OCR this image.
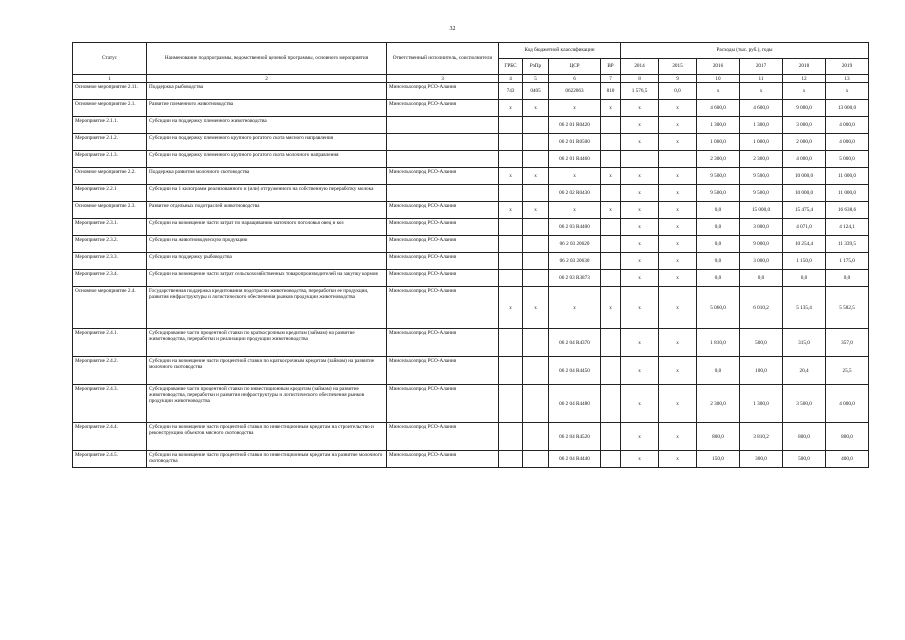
32
Статус	Наименование подпрограммы, ведомственной целевой программы, основного мероприятия	Ответственный исполнитель, соисполнители	Код бюджетной классификации				Расходы (тыс. руб.), годы					
			ГРБС	РзПр	ЦСР	ВР	2014	2015	2016	2017	2018	2019
1	2	3	4	5	6	7	8	9	10	11	12	13
Основное мероприятие 2.11.	Поддержка рыбоводства	Минсельхозпрод РСО-Алания	743	0405	0622063	810	1 576,5	0,0	х	х	х	х
Основное мероприятие 2.1.	Развитие племенного животноводства	Минсельхозпрод РСО-Алания	х	х	х	х	х	х	4 600,0	4 600,0	9 000,0	13 000,0
Мероприятие 2.1.1.	Субсидии на поддержку племенного животноводства				06 2 01 R0420		х	х	1 300,0	1 300,0	3 000,0	4 000,0
Мероприятие 2.1.2.	Субсидии на поддержку племенного крупного рогатого скота мясного направления				06 2 01 R0500		х	х	1 000,0	1 000,0	2 000,0	4 000,0
Мероприятие 2.1.3.	Субсидии на поддержку племенного крупного рогатого скота молочного направления				06 2 01 R4460				2 300,0	2 300,0	4 000,0	5 000,0
Основное мероприятие 2.2.	Поддержка развития молочного скотоводства	Минсельхозпрод РСО-Алания	х	х	х	х	х	х	9 500,0	9 500,0	10 000,0	11 000,0
Мероприятие 2.2.1	Субсидии на 1 килограмм реализованного и (или) отгруженного на собственную переработку молока				06 2 02 R0430		х	х	9 500,0	9 500,0	10 000,0	11 000,0
Основное мероприятие 2.3.	Развитие отдельных подотраслей животноводства	Минсельхозпрод РСО-Алания	х	х	х	х	х	х	0,0	15 000,0	15 475,4	16 638,6
Мероприятие 2.3.1.	Субсидии на возмещение части затрат по наращиванию маточного поголовья овец и коз	Минсельхозпрод РСО-Алания			06 2 03 R4400		х	х	0,0	3 000,0	4 071,0	4 124,1
Мероприятие 2.3.2.	Субсидии на животноводческую продукцию	Минсельхозпрод РСО-Алания			06 2 03 20620		х	х	0,0	9 000,0	10 254,4	11 339,5
Мероприятие 2.3.3.	Субсидии на поддержку рыбоводства	Минсельхозпрод РСО-Алания			06 2 03 20630		х	х	0,0	3 000,0	1 150,0	1 175,0
Мероприятие 2.3.4.	Субсидии на возмещение части затрат сельскохозяйственных товаропроизводителей на закупку кормов	Минсельхозпрод РСО-Алания			06 2 03 R3873		х	х	0,0	0,0	0,0	0,0
Основное мероприятие 2.4.	Государственная поддержка кредитования подотрасли животноводства, переработки ее продукции, развития инфраструктуры и логистического обеспечения рынков продукции животноводства	Минсельхозпрод РСО-Алания	х	х	х	х	х	х	5 060,0	6 010,2	5 135,4	5 582,5
Мероприятие 2.4.1.	Субсидирование части процентной ставки по краткосрочным кредитам (займам) на развитие животноводства, переработки и реализации продукции животноводства	Минсельхозпрод РСО-Алания			06 2 04 R4370		х	х	1 810,0	500,0	315,0	357,0
Мероприятие 2.4.2.	Субсидии на возмещение части процентной ставки по краткосрочным кредитам (займам) на развитие молочного скотоводства	Минсельхозпрод РСО-Алания			06 2 04 R4450		х	х	0,0	100,0	20,4	25,5
Мероприятие 2.4.3.	Субсидирование части процентной ставки по инвестиционным кредитам (займам) на развитие животноводства, переработки и развития инфраструктуры и логистического обеспечения рынков продукции животноводства	Минсельхозпрод РСО-Алания			06 2 04 R4480		х	х	2 300,0	1 300,0	3 500,0	4 000,0
Мероприятие 2.4.4.	Субсидии на возмещение части процентной ставки по инвестиционным кредитам на строительство и реконструкцию объектов мясного скотоводства	Минсельхозпрод РСО-Алания			06 2 04 R4520		х	х	800,0	3 810,2	800,0	800,0
Мероприятие 2.4.5.	Субсидии на возмещение части процентной ставки по инвестиционным кредитам на развитие молочного скотоводства	Минсельхозпрод РСО-Алания			06 2 04 R4440		х	х	150,0	300,0	500,0	400,0
